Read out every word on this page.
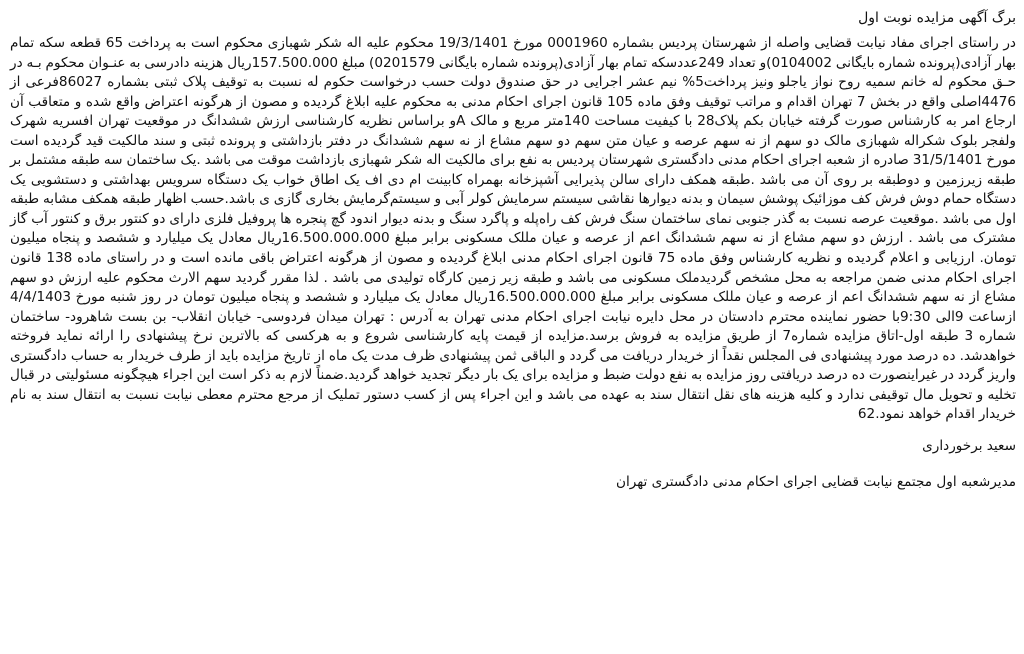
برگ آگهی مزایده نوبت اول

در راستای اجرای مفاد نیابت قضایی واصله از شهرستان پردیس بشماره 0001960 مورخ 19/3/1401 محکوم علیه اله شکر شهبازی محکوم است به پرداخت 65 قطعه سکه تمام بهار آزادی(پرونده شماره بایگانی 0104002)و تعداد 249عددسکه تمام بهار آزادی(پرونده شماره بایگانی 0201579) مبلغ 157.500.000ریال هزینه دادرسی به عنـوان محکوم بـه در حـق محکوم له خانم سمیه روح نواز یاجلو ونیز پرداخت5% نیم عشر اجرایی در حق صندوق دولت حسب درخواست حکوم له نسبت به توقیف پلاک ثبتی بشماره 86027فرعی از 4476اصلی واقع در بخش 7 تهران اقدام و مراتب توقیف وفق ماده 105 قانون اجرای احکام مدنی به محکوم علیه ابلاغ گردیده و مصون از هرگونه اعتراض واقع شده و متعاقب آن ارجاع امر به کارشناس صورت گرفته خیابان بکم پلاک28 با کیفیت مساحت 140متر مربع و مالک Aو براساس نظریه کارشناسی ارزش ششدانگ در موقعیت تهران افسریه شهرک ولفجر بلوک شکراله شهبازی مالک دو سهم از نه سهم عرصه و عیان متن سهم دو سهم مشاع از نه سهم ششدانگ در دفتر بازداشتی و پرونده ثبتی و سند مالکیت قید گردیده است مورخ 31/5/1401 صادره از شعبه اجرای احکام مدنی دادگستری شهرستان پردیس به نفع برای مالکیت اله شکر شهبازی بازداشت موقت می باشد .یک ساختمان سه طبقه مشتمل بر طبقه زیرزمین و دوطبقه بر روی آن می باشد .طبقه همکف دارای سالن پذیرایی آشپزخانه بهمراه کابینت ام دی اف یک اطاق خواب یک دستگاه سرویس بهداشتی و دستشویی یک دستگاه حمام دوش فرش کف موزائیک پوشش سیمان و بدنه دیوارها نقاشی سیستم سرمایش کولر آبی و سیستم‌گرمایش بخاری گازی ی باشد.حسب اظهار طبقه همکف مشابه طبقه اول می باشد .موقعیت عرصه نسبت به گذر جنوبی نمای ساختمان سنگ فرش کف راه‌پله و پاگرد سنگ و بدنه دیوار اندود گچ پنجره ها پروفیل فلزی دارای دو کنتور برق و کنتور آب گاز مشترک می باشد . ارزش دو سهم مشاع از نه سهم ششدانگ اعم از عرصه و عیان مللک مسکونی برابر مبلغ 16.500.000.000ریال معادل یک میلیارد و ششصد و پنجاه میلیون تومان. ارزیابی و اعلام گردیده و نظریه کارشناس وفق ماده 75 قانون اجرای احکام مدنی ابلاغ گردیده و مصون از هرگونه اعتراض باقی مانده است و در راستای ماده 138 قانون اجرای احکام مدنی ضمن مراجعه به محل مشخص گردیدملک مسکونی می باشد و طبقه زیر زمین کارگاه تولیدی می باشد . لذا مقرر گردید سهم الارث محکوم علیه ارزش دو سهم مشاع از نه سهم ششدانگ اعم از عرصه و عیان مللک مسکونی برابر مبلغ 16.500.000.000ریال معادل یک میلیارد و ششصد و پنجاه میلیون تومان در روز شنبه مورخ 4/4/1403 ازساعت 9الی 9:30با حضور نماینده محترم دادستان در محل دایره نیابت اجرای احکام مدنی تهران به آدرس : تهران میدان فردوسی- خیابان انقلاب- بن بست شاهرود- ساختمان شماره 3 طبقه اول-اتاق مزایده شماره7 از طریق مزایده به فروش برسد.مزایده از قیمت پایه کارشناسی شروع و به هرکسی که بالاترین نرخ پیشنهادی را ارائه نماید فروخته خواهدشد. ده درصد مورد پیشنهادی فی المجلس نقداً از خریدار دریافت می گردد و الباقی ثمن پیشنهادی ظرف مدت یک ماه از تاریخ مزایده باید از طرف خریدار به حساب دادگستری واریز گردد در غیراینصورت ده درصد دریافتی روز مزایده به نفع دولت ضبط و مزایده برای یک بار دیگر تجدید خواهد گردید.ضمناً لازم به ذکر است این اجراء هیچگونه مسئولیتی در قبال تخلیه و تحویل مال توقیفی ندارد و کلیه هزینه های نقل انتقال سند به عهده می باشد و این اجراء پس از کسب دستور تملیک از مرجع محترم معطی نیابت نسبت به انتقال سند به نام خریدار اقدام خواهد نمود.62

سعید برخورداری
مدیرشعبه اول مجتمع نیابت قضایی اجرای احکام مدنی دادگستری تهران
